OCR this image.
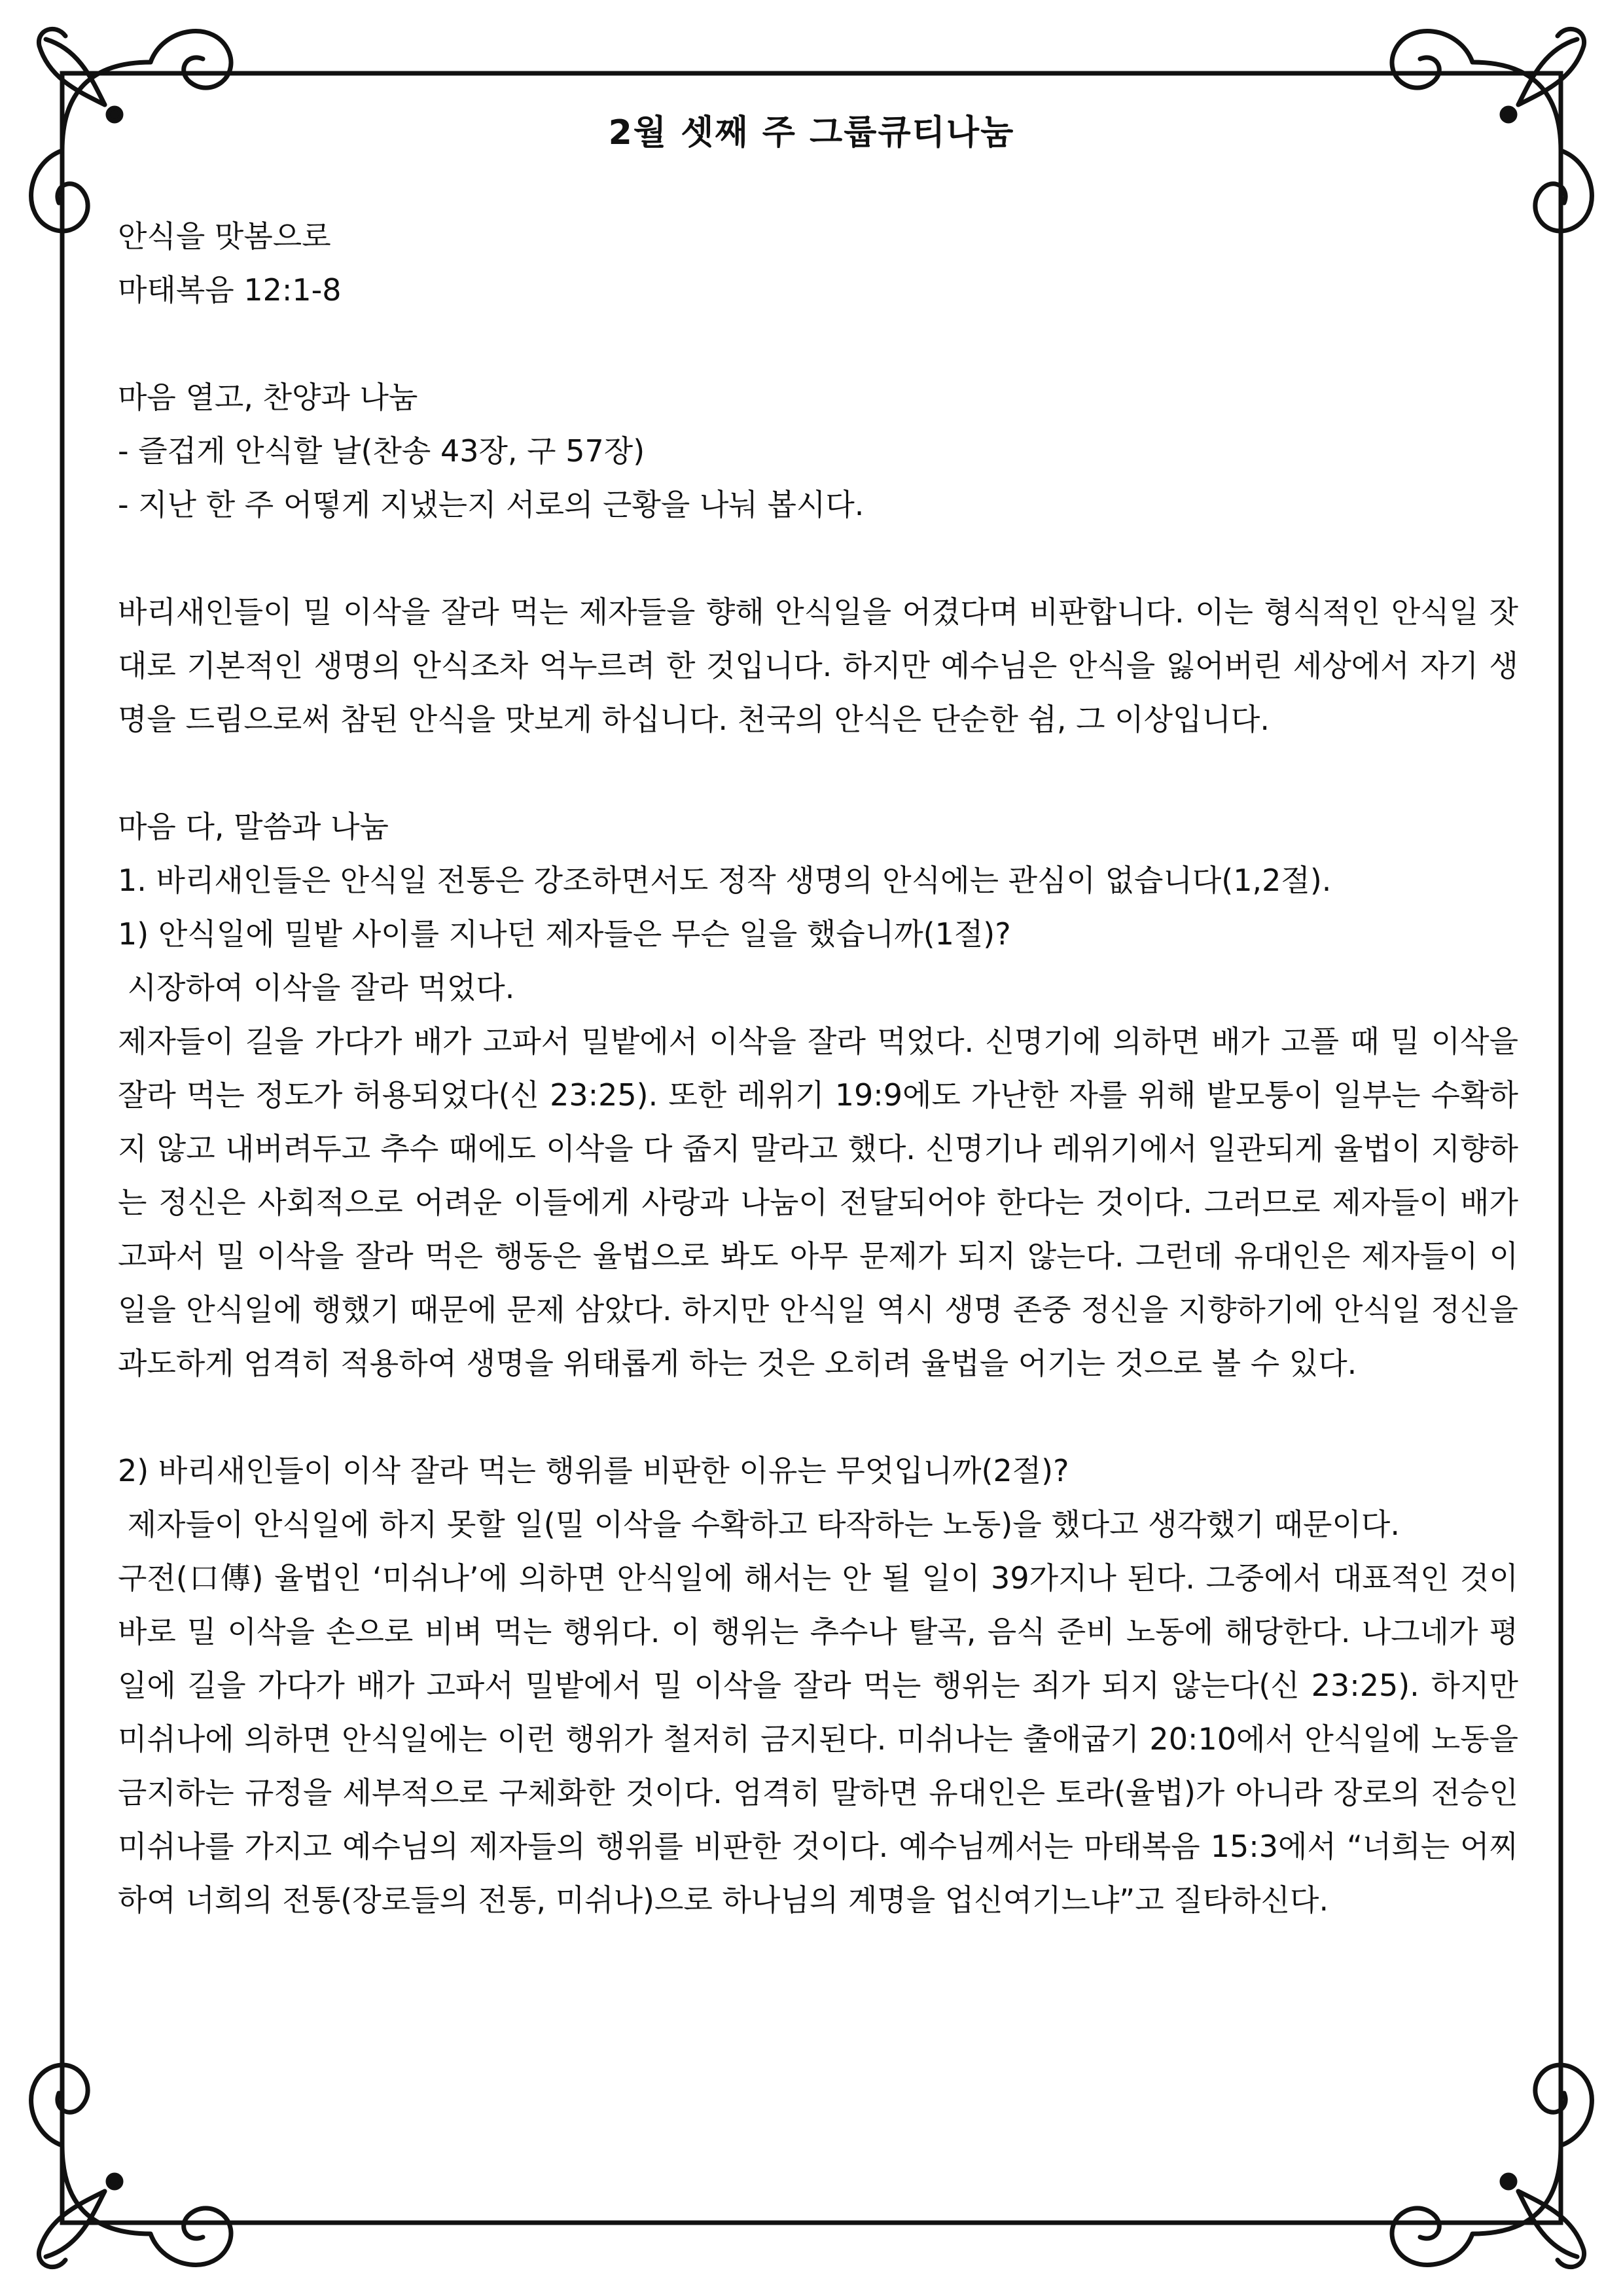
2월 셋째 주 그룹큐티나눔

안식을 맛봄으로

마태복음 12:1-8

마음 열고, 찬양과 나눔

- 즐겁게 안식할 날(찬송 43장, 구 57장)

- 지난 한 주 어떻게 지냈는지 서로의 근황을 나눠 봅시다.

바리새인들이 밀 이삭을 잘라 먹는 제자들을 향해 안식일을 어겼다며 비판합니다. 이는 형식적인 안식일 잣대로 기본적인 생명의 안식조차 억누르려 한 것입니다. 하지만 예수님은 안식을 잃어버린 세상에서 자기 생명을 드림으로써 참된 안식을 맛보게 하십니다. 천국의 안식은 단순한 쉼, 그 이상입니다.

마음 다, 말씀과 나눔

1. 바리새인들은 안식일 전통은 강조하면서도 정작 생명의 안식에는 관심이 없습니다(1,2절).

1) 안식일에 밀밭 사이를 지나던 제자들은 무슨 일을 했습니까(1절)?

시장하여 이삭을 잘라 먹었다.

제자들이 길을 가다가 배가 고파서 밀밭에서 이삭을 잘라 먹었다. 신명기에 의하면 배가 고플 때 밀 이삭을 잘라 먹는 정도가 허용되었다(신 23:25). 또한 레위기 19:9에도 가난한 자를 위해 밭모퉁이 일부는 수확하지 않고 내버려두고 추수 때에도 이삭을 다 줍지 말라고 했다. 신명기나 레위기에서 일관되게 율법이 지향하는 정신은 사회적으로 어려운 이들에게 사랑과 나눔이 전달되어야 한다는 것이다. 그러므로 제자들이 배가 고파서 밀 이삭을 잘라 먹은 행동은 율법으로 봐도 아무 문제가 되지 않는다. 그런데 유대인은 제자들이 이 일을 안식일에 행했기 때문에 문제 삼았다. 하지만 안식일 역시 생명 존중 정신을 지향하기에 안식일 정신을 과도하게 엄격히 적용하여 생명을 위태롭게 하는 것은 오히려 율법을 어기는 것으로 볼 수 있다.

2) 바리새인들이 이삭 잘라 먹는 행위를 비판한 이유는 무엇입니까(2절)?

제자들이 안식일에 하지 못할 일(밀 이삭을 수확하고 타작하는 노동)을 했다고 생각했기 때문이다.

구전(口傳) 율법인 ‘미쉬나’에 의하면 안식일에 해서는 안 될 일이 39가지나 된다. 그중에서 대표적인 것이 바로 밀 이삭을 손으로 비벼 먹는 행위다. 이 행위는 추수나 탈곡, 음식 준비 노동에 해당한다. 나그네가 평일에 길을 가다가 배가 고파서 밀밭에서 밀 이삭을 잘라 먹는 행위는 죄가 되지 않는다(신 23:25). 하지만 미쉬나에 의하면 안식일에는 이런 행위가 철저히 금지된다. 미쉬나는 출애굽기 20:10에서 안식일에 노동을 금지하는 규정을 세부적으로 구체화한 것이다. 엄격히 말하면 유대인은 토라(율법)가 아니라 장로의 전승인 미쉬나를 가지고 예수님의 제자들의 행위를 비판한 것이다. 예수님께서는 마태복음 15:3에서 “너희는 어찌하여 너희의 전통(장로들의 전통, 미쉬나)으로 하나님의 계명을 업신여기느냐”고 질타하신다.
